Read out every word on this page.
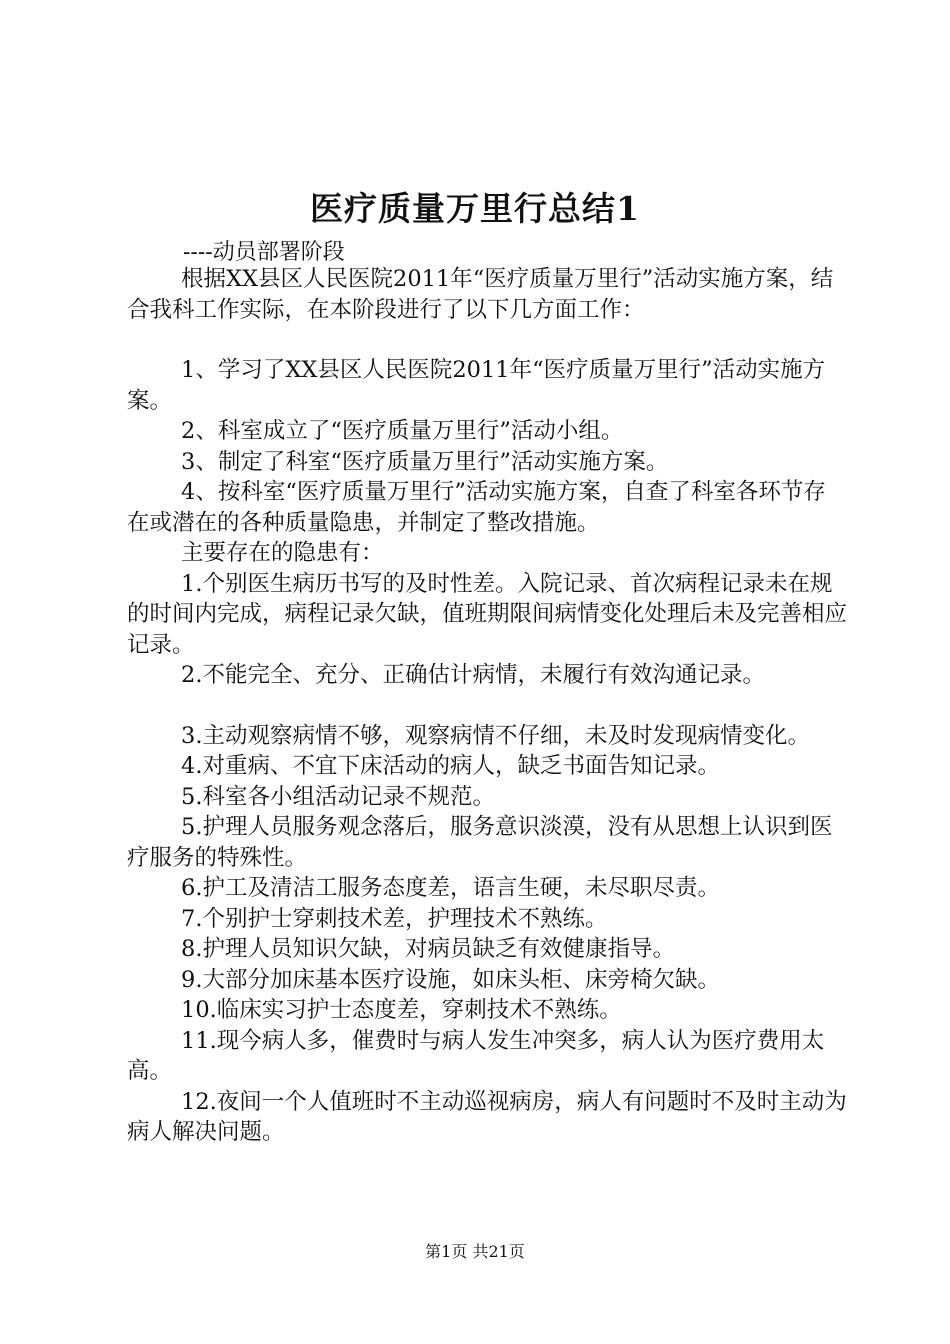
医疗质量万里行总结1
----动员部署阶段

根据XX县区人民医院2011年“医疗质量万里行”活动实施方案，结合我科工作实际，在本阶段进行了以下几方面工作：

1、学习了XX县区人民医院2011年“医疗质量万里行”活动实施方案。

2、科室成立了“医疗质量万里行”活动小组。

3、制定了科室“医疗质量万里行”活动实施方案。

4、按科室“医疗质量万里行”活动实施方案，自查了科室各环节存在或潜在的各种质量隐患，并制定了整改措施。

主要存在的隐患有：

1.个别医生病历书写的及时性差。入院记录、首次病程记录未在规的时间内完成，病程记录欠缺，值班期限间病情变化处理后未及完善相应记录。

2.不能完全、充分、正确估计病情，未履行有效沟通记录。

3.主动观察病情不够，观察病情不仔细，未及时发现病情变化。

4.对重病、不宜下床活动的病人，缺乏书面告知记录。

5.科室各小组活动记录不规范。

5.护理人员服务观念落后，服务意识淡漠，没有从思想上认识到医疗服务的特殊性。

6.护工及清洁工服务态度差，语言生硬，未尽职尽责。

7.个别护士穿刺技术差，护理技术不熟练。

8.护理人员知识欠缺，对病员缺乏有效健康指导。

9.大部分加床基本医疗设施，如床头柜、床旁椅欠缺。

10.临床实习护士态度差，穿刺技术不熟练。

11.现今病人多，催费时与病人发生冲突多，病人认为医疗费用太高。

12.夜间一个人值班时不主动巡视病房，病人有问题时不及时主动为病人解决问题。

第1页 共21页
